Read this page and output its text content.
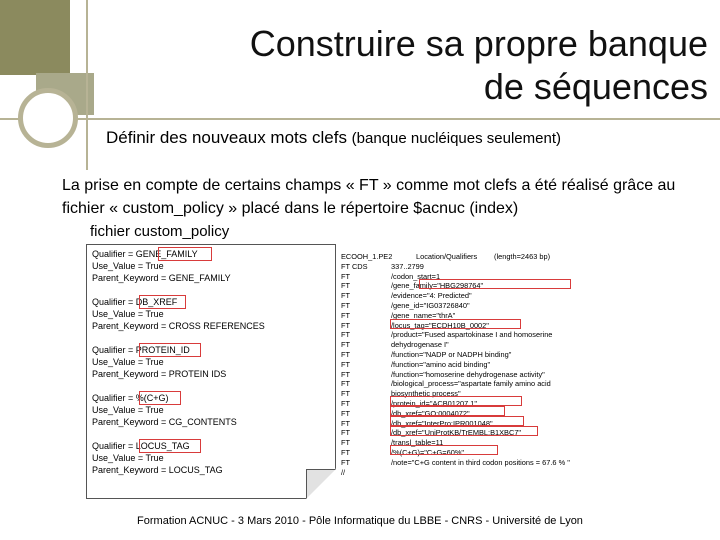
Construire sa propre banque
de séquences
Définir des nouveaux mots clefs (banque nucléiques seulement)
La prise en compte de certains champs « FT » comme mot clefs a été réalisé grâce au fichier « custom_policy » placé dans le répertoire $acnuc (index)
fichier custom_policy
Qualifier = GENE_FAMILY
Use_Value = True
Parent_Keyword = GENE_FAMILY
Qualifier = DB_XREF
Use_Value = True
Parent_Keyword = CROSS REFERENCES
Qualifier = PROTEIN_ID
Use_Value = True
Parent_Keyword = PROTEIN IDS
Qualifier = %(C+G)
Use_Value = True
Parent_Keyword = CG_CONTENTS
Qualifier = LOCUS_TAG
Use_Value = True
Parent_Keyword = LOCUS_TAG
ECOOH_1.PE2	Location/Qualifiers (length=2463 bp)
FT CDS	337..2799
FT	/codon_start=1
FT	/gene_family="HBG298764"
FT	/evidence="4: Predicted"
FT	/gene_id="IG03726840"
FT	/gene_name="thrA"
FT	/locus_tag="ECDH10B_0002"
FT	/product="Fused aspartokinase I and homoserine
FT	dehydrogenase I"
FT	/function="NADP or NADPH binding"
FT	/function="amino acid binding"
FT	/function="homoserine dehydrogenase activity"
FT	/biological_process="aspartate family amino acid
FT	biosynthetic process"
FT	/protein_id="ACB01207.1"
FT	/db_xref="GO:0004072"
FT	/db_xref="InterPro:IPR001048"
FT	/db_xref="UniProtKB/TrEMBL:B1XBC7"
FT	/transl_table=11
FT	/%(C+G)="C+G=60%"
FT	/note="C+G content in third codon positions = 67.6 % "
//
Formation ACNUC - 3 Mars 2010 - Pôle Informatique du LBBE - CNRS - Université de Lyon
